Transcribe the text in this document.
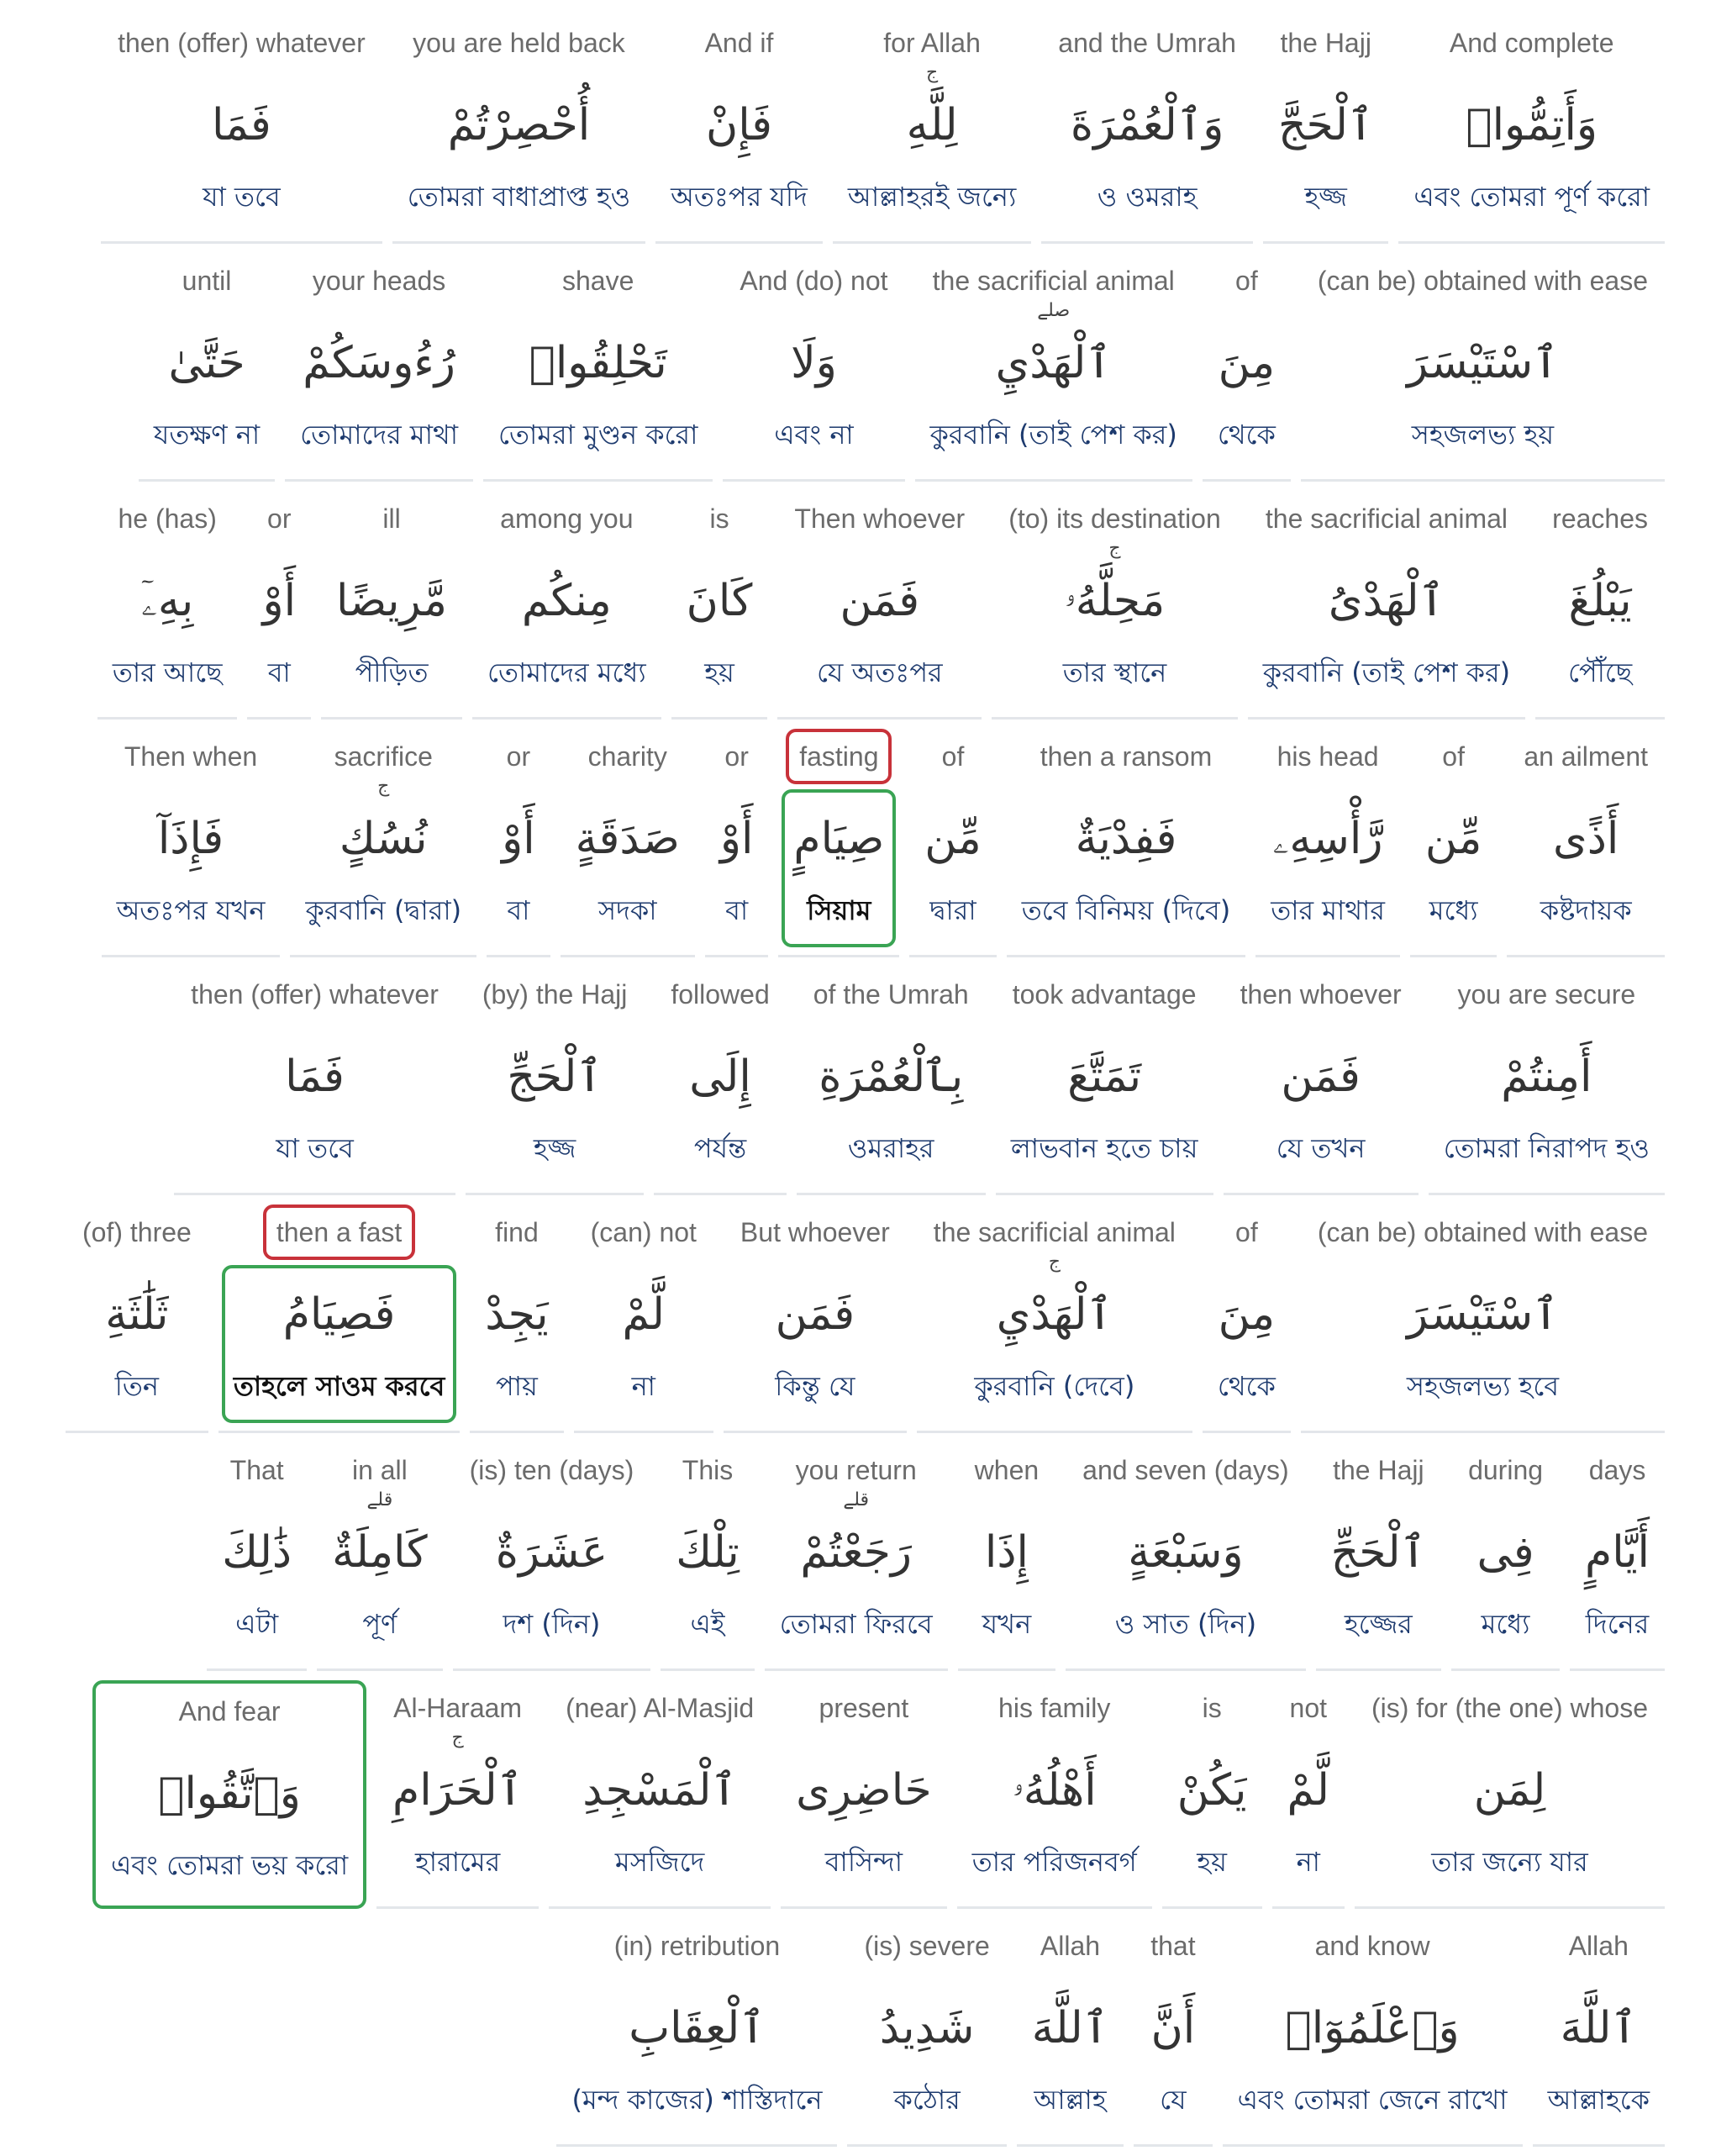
And complete
وَأَتِمُّوا۟
এবং তোমরা পূর্ণ করো
the Hajj
ٱلْحَجَّ
হজ্জ
and the Umrah
وَٱلْعُمْرَةَ
ও ওমরাহ
for Allah
ج
لِلَّهِ
আল্লাহরই জন্যে
And if
فَإِنْ
অতঃপর যদি
you are held back
أُحْصِرْتُمْ
তোমরা বাধাপ্রাপ্ত হও
then (offer) whatever
فَمَا
যা তবে
(can be) obtained with ease
ٱسْتَيْسَرَ
সহজলভ্য হয়
of
مِنَ
থেকে
the sacrificial animal
صلے
ٱلْهَدْيِ
কুরবানি (তাই পেশ কর)
And (do) not
وَلَا
এবং না
shave
تَحْلِقُوا۟
তোমরা মুণ্ডন করো
your heads
رُءُوسَكُمْ
তোমাদের মাথা
until
حَتَّىٰ
যতক্ষণ না
reaches
يَبْلُغَ
পৌঁছে
the sacrificial animal
ٱلْهَدْىُ
কুরবানি (তাই পেশ কর)
(to) its destination
ج
مَحِلَّهُۥ
তার স্থানে
Then whoever
فَمَن
যে অতঃপর
is
كَانَ
হয়
among you
مِنكُم
তোমাদের মধ্যে
ill
مَّرِيضًا
পীড়িত
or
أَوْ
বা
he (has)
بِهِۦٓ
তার আছে
an ailment
أَذًى
কষ্টদায়ক
of
مِّن
মধ্যে
his head
رَّأْسِهِۦ
তার মাথার
then a ransom
فَفِدْيَةٌ
তবে বিনিময় (দিবে)
of
مِّن
দ্বারা
fasting
صِيَامٍ
সিয়াম
or
أَوْ
বা
charity
صَدَقَةٍ
সদকা
or
أَوْ
বা
sacrifice
ج
نُسُكٍ
কুরবানি (দ্বারা)
Then when
فَإِذَآ
অতঃপর যখন
you are secure
أَمِنتُمْ
তোমরা নিরাপদ হও
then whoever
فَمَن
যে তখন
took advantage
تَمَتَّعَ
লাভবান হতে চায়
of the Umrah
بِٱلْعُمْرَةِ
ওমরাহর
followed
إِلَى
পর্যন্ত
(by) the Hajj
ٱلْحَجِّ
হজ্জ
then (offer) whatever
فَمَا
যা তবে
(can be) obtained with ease
ٱسْتَيْسَرَ
সহজলভ্য হবে
of
مِنَ
থেকে
the sacrificial animal
ج
ٱلْهَدْيِ
কুরবানি (দেবে)
But whoever
فَمَن
কিন্তু যে
(can) not
لَّمْ
না
find
يَجِدْ
পায়
then a fast
فَصِيَامُ
তাহলে সাওম করবে
(of) three
ثَلَٰثَةِ
তিন
days
أَيَّامٍ
দিনের
during
فِى
মধ্যে
the Hajj
ٱلْحَجِّ
হজ্জের
and seven (days)
وَسَبْعَةٍ
ও সাত (দিন)
when
إِذَا
যখন
you return
قلے
رَجَعْتُمْ
তোমরা ফিরবে
This
تِلْكَ
এই
(is) ten (days)
عَشَرَةٌ
দশ (দিন)
in all
قلے
كَامِلَةٌ
পূর্ণ
That
ذَٰلِكَ
এটা
(is) for (the one) whose
لِمَن
তার জন্যে যার
not
لَّمْ
না
is
يَكُنْ
হয়
his family
أَهْلُهُۥ
তার পরিজনবর্গ
present
حَاضِرِى
বাসিন্দা
(near) Al-Masjid
ٱلْمَسْجِدِ
মসজিদে
Al-Haraam
ج
ٱلْحَرَامِ
হারামের
And fear
وَٱتَّقُوا۟
এবং তোমরা ভয় করো
Allah
ٱللَّهَ
আল্লাহকে
and know
وَٱعْلَمُوٓا۟
এবং তোমরা জেনে রাখো
that
أَنَّ
যে
Allah
ٱللَّهَ
আল্লাহ
(is) severe
شَدِيدُ
কঠোর
(in) retribution
ٱلْعِقَابِ
(মন্দ কাজের) শাস্তিদানে
